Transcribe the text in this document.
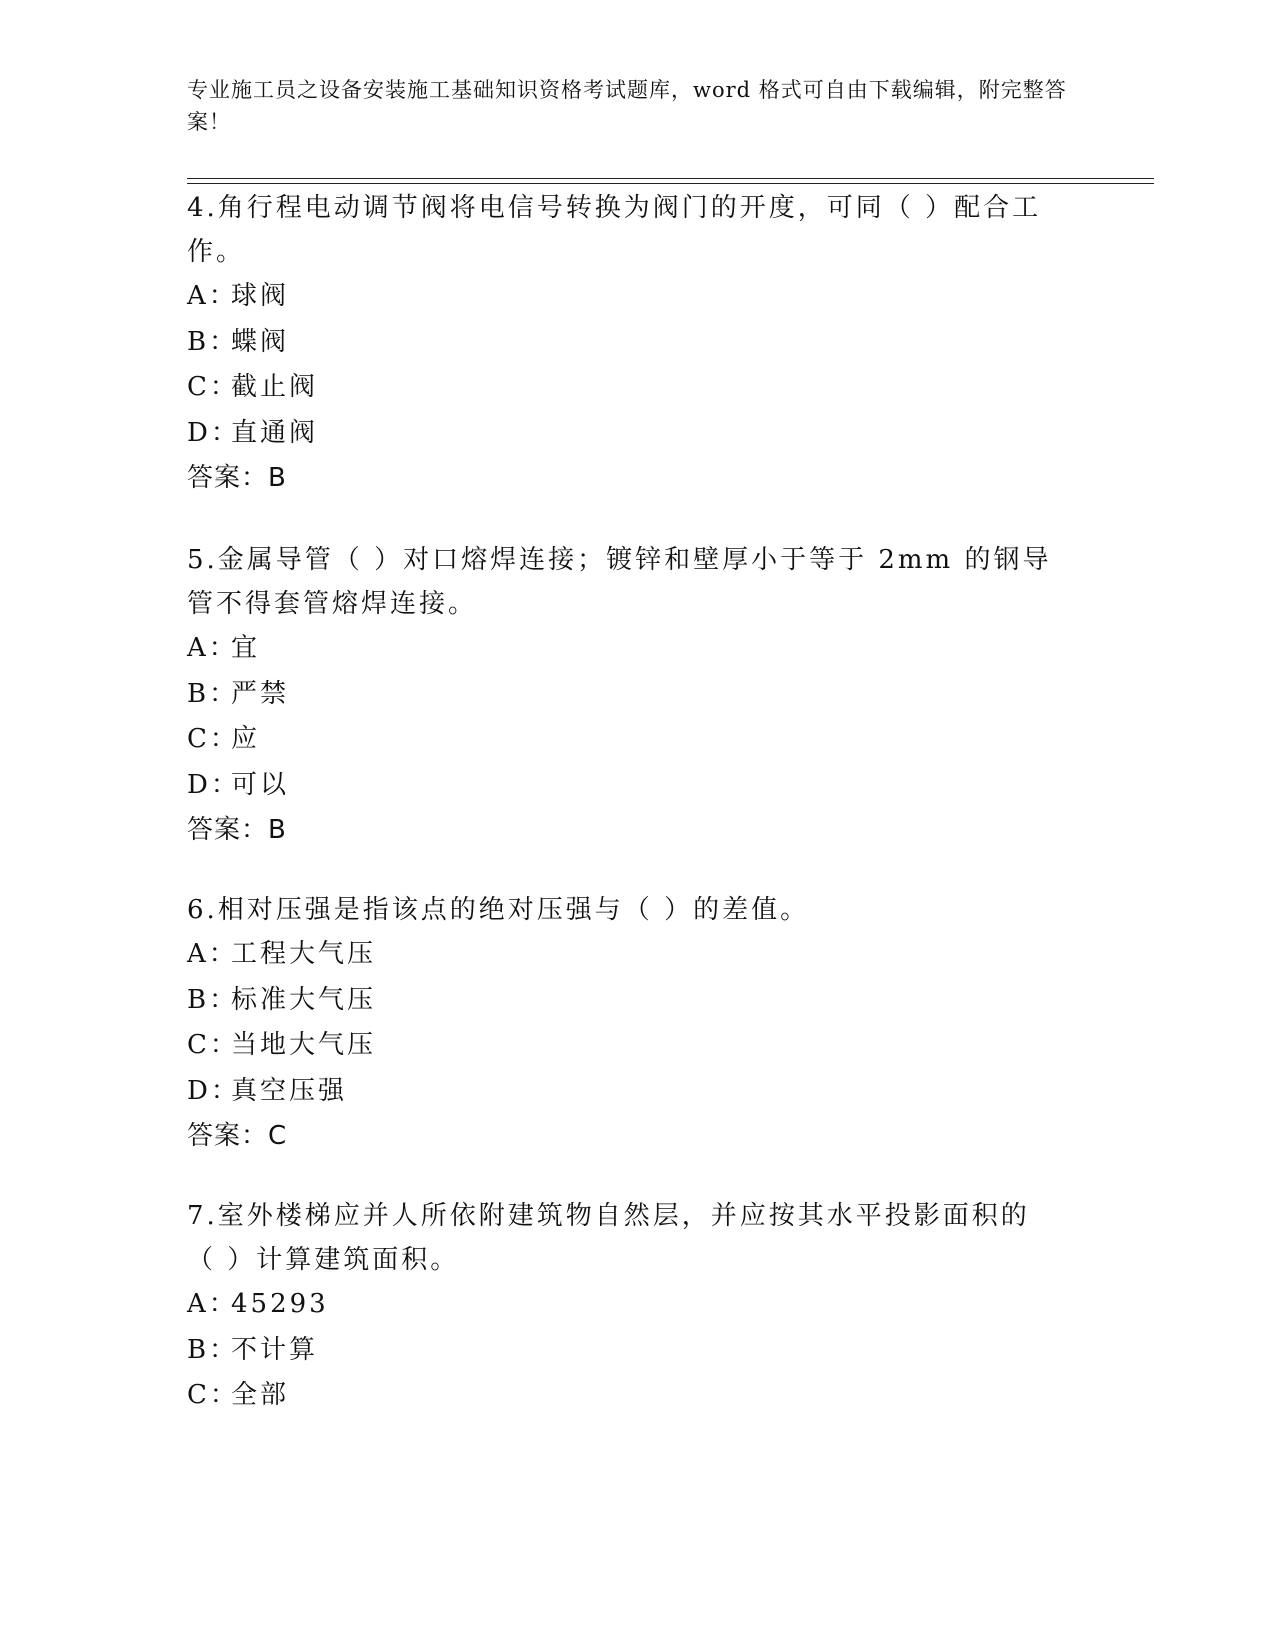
专业施工员之设备安装施工基础知识资格考试题库，word 格式可自由下载编辑，附完整答案！

4.角行程电动调节阀将电信号转换为阀门的开度，可同（ ）配合工作。

A：球阀

B：蝶阀

C：截止阀

D：直通阀

答案：B

5.金属导管（ ）对口熔焊连接；镀锌和壁厚小于等于 2mm 的钢导管不得套管熔焊连接。

A：宜

B：严禁

C：应

D：可以

答案：B

6.相对压强是指该点的绝对压强与（ ）的差值。

A：工程大气压

B：标准大气压

C：当地大气压

D：真空压强

答案：C

7.室外楼梯应并人所依附建筑物自然层，并应按其水平投影面积的（ ）计算建筑面积。

A：45293

B：不计算

C：全部
